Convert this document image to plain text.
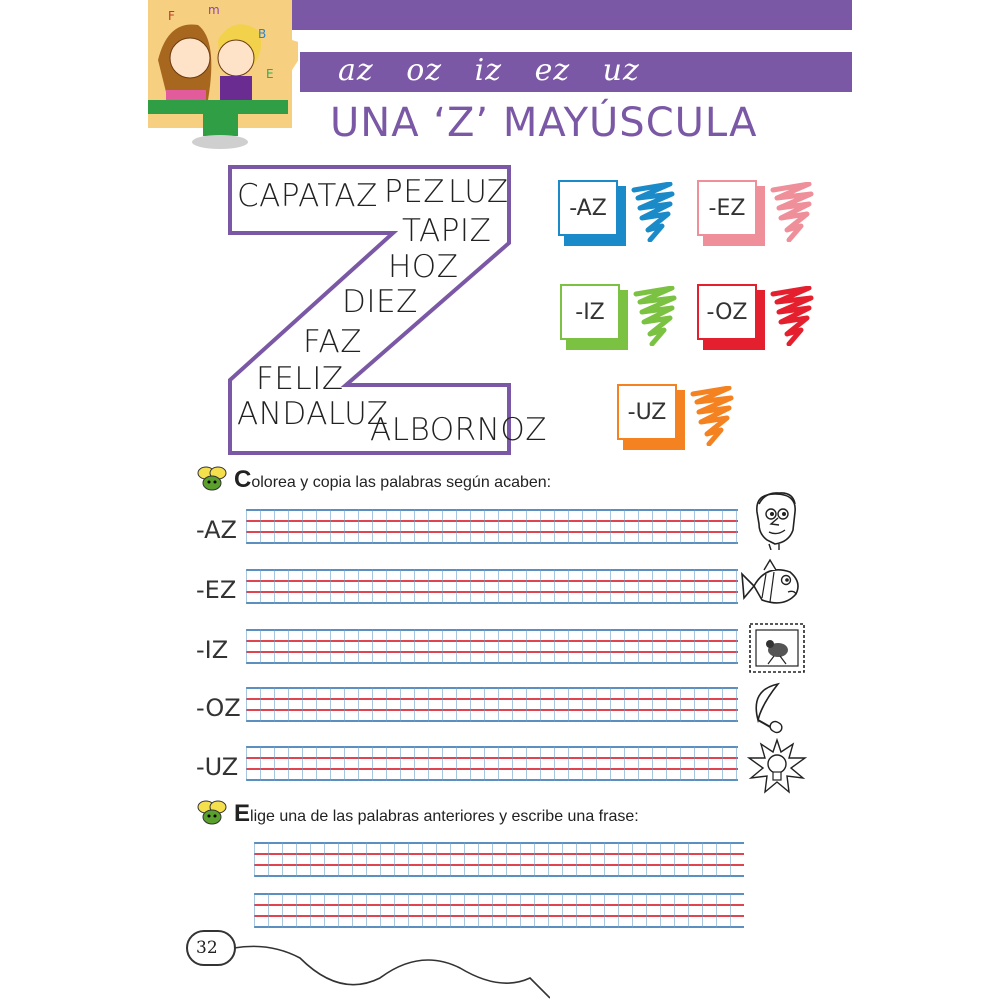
az oz iz ez uz
F	m
B
E
UNA ‘Z’ MAYÚSCULA
CAPATAZ PEZ LUZ
TAPIZ
HOZ
DIEZ
FAZ
FELIZ
ANDALUZ
ALBORNOZ
-AZ	-EZ
-IZ	-OZ
-UZ
Colorea y copia las palabras según acaben:
-AZ
-EZ
-IZ
-OZ
-UZ
Elige una de las palabras anteriores y escribe una frase:
32
